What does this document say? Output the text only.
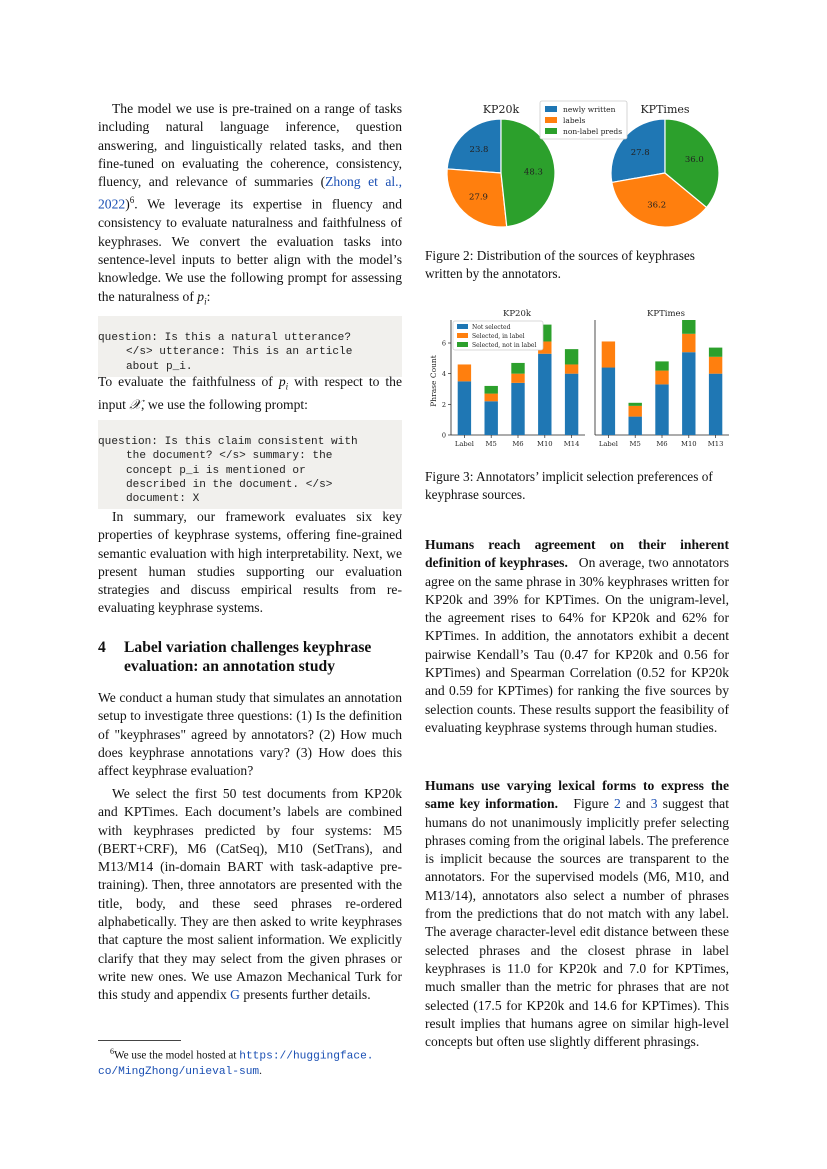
The model we use is pre-trained on a range of tasks including natural language inference, question answering, and linguistically related tasks, and then fine-tuned on evaluating the coherence, consistency, fluency, and relevance of summaries (Zhong et al., 2022)$^6$. We leverage its expertise in fluency and consistency to evaluate naturalness and faithfulness of keyphrases. We convert the evaluation tasks into sentence-level inputs to better align with the model’s knowledge. We use the following prompt for assessing the naturalness of $p_i$:

question: Is this a natural utterance?
</s> utterance: This is an article
about p_i.

To evaluate the faithfulness of $p_i$ with respect to the input 𝒳, we use the following prompt:

question: Is this claim consistent with
the document? </s> summary: the
concept p_i is mentioned or
described in the document. </s>
document: X

In summary, our framework evaluates six key properties of keyphrase systems, offering fine-grained semantic evaluation with high interpretability. Next, we present human studies supporting our evaluation strategies and discuss empirical results from re-evaluating keyphrase systems.

4	Label variation challenges keyphrase evaluation: an annotation study

We conduct a human study that simulates an annotation setup to investigate three questions: (1) Is the definition of "keyphrases" agreed by annotators? (2) How much does keyphrase annotations vary? (3) How does this affect keyphrase evaluation?

We select the first 50 test documents from KP20k and KPTimes. Each document’s labels are combined with keyphrases predicted by four systems: M5 (BERT+CRF), M6 (CatSeq), M10 (SetTrans), and M13/M14 (in-domain BART with task-adaptive pre-training). Then, three annotators are presented with the title, body, and these seed phrases re-ordered alphabetically. They are then asked to write keyphrases that capture the most salient information. We explicitly clarify that they may select from the given phrases or write new ones. We use Amazon Mechanical Turk for this study and appendix G presents further details.

$^6$We use the model hosted at https://huggingface. co/MingZhong/unieval-sum.

KP20k	KPTimes
23.8
27.9
48.3
27.8
36.2
36.0
newly written
labels
non-label preds

Figure 2: Distribution of the sources of keyphrases written by the annotators.

KP20k	KPTimes
Phrase Count
0
2
4
6
Label M5 M6 M10 M14	Label M5 M6 M10 M13
Not selected
Selected, in label
Selected, not in label

Figure 3: Annotators’ implicit selection preferences of keyphrase sources.

Humans reach agreement on their inherent definition of keyphrases. On average, two annotators agree on the same phrase in 30% keyphrases written for KP20k and 39% for KPTimes. On the unigram-level, the agreement rises to 64% for KP20k and 62% for KPTimes. In addition, the annotators exhibit a decent pairwise Kendall’s Tau (0.47 for KP20k and 0.56 for KPTimes) and Spearman Correlation (0.52 for KP20k and 0.59 for KPTimes) for ranking the five sources by selection counts. These results support the feasibility of evaluating keyphrase systems through human studies.

Humans use varying lexical forms to express the same key information. Figure 2 and 3 suggest that humans do not unanimously implicitly prefer selecting phrases coming from the original labels. The preference is implicit because the sources are transparent to the annotators. For the supervised models (M6, M10, and M13/14), annotators also select a number of phrases from the predictions that do not match with any label. The average character-level edit distance between these selected phrases and the closest phrase in label keyphrases is 11.0 for KP20k and 7.0 for KPTimes, much smaller than the metric for phrases that are not selected (17.5 for KP20k and 14.6 for KPTimes). This result implies that humans agree on similar high-level concepts but often use slightly different phrasings.
